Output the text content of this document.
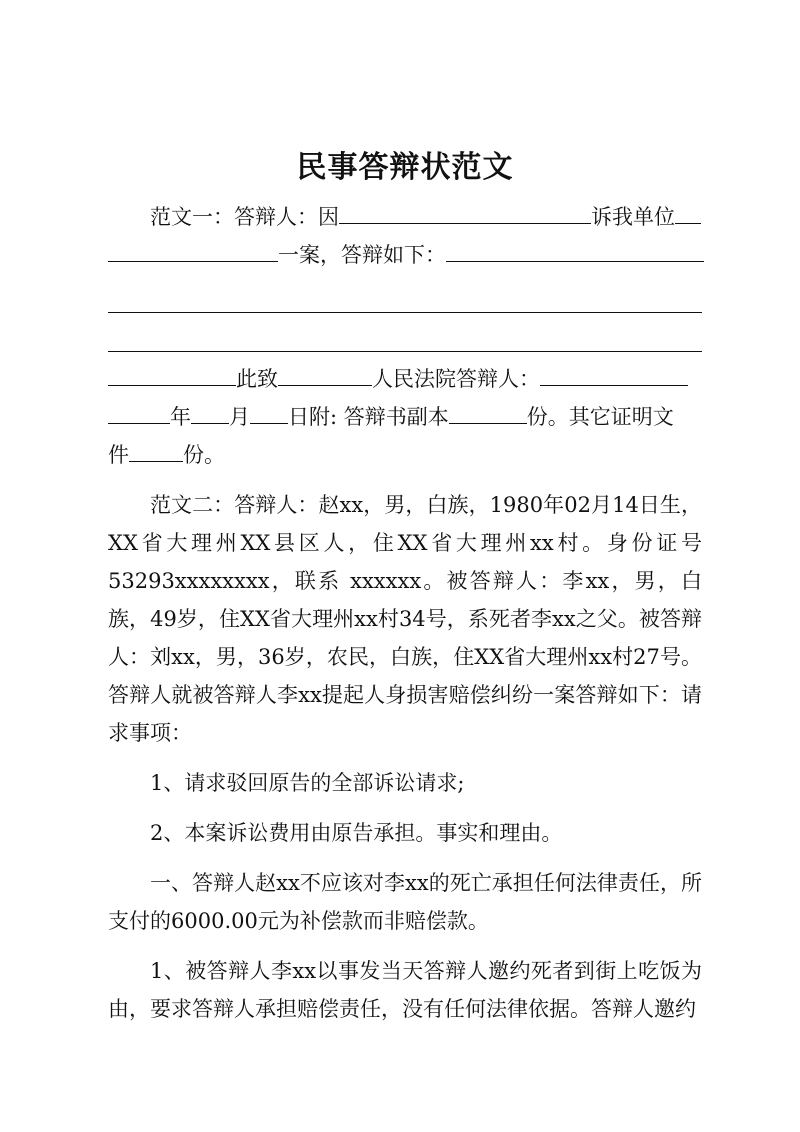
民事答辩状范文
范文一：答辩人：因	诉我单位
一案，答辩如下：
此致	人民法院答辩人：
年 月 日附: 答辩书副本	份。其它证明文
件	份。

范文二：答辩人：赵xx，男，白族，1980年02月14日生，XX省大理州XX县区人，住XX省大理州xx村。身份证号53293xxxxxxxx，联系 xxxxxx。被答辩人：李xx，男，白族，49岁，住XX省大理州xx村34号，系死者李xx之父。被答辩人：刘xx，男，36岁，农民，白族，住XX省大理州xx村27号。答辩人就被答辩人李xx提起人身损害赔偿纠纷一案答辩如下：请求事项：

1、请求驳回原告的全部诉讼请求;

2、本案诉讼费用由原告承担。事实和理由。

一、答辩人赵xx不应该对李xx的死亡承担任何法律责任，所支付的6000.00元为补偿款而非赔偿款。

1、被答辩人李xx以事发当天答辩人邀约死者到街上吃饭为由，要求答辩人承担赔偿责任，没有任何法律依据。答辩人邀约
